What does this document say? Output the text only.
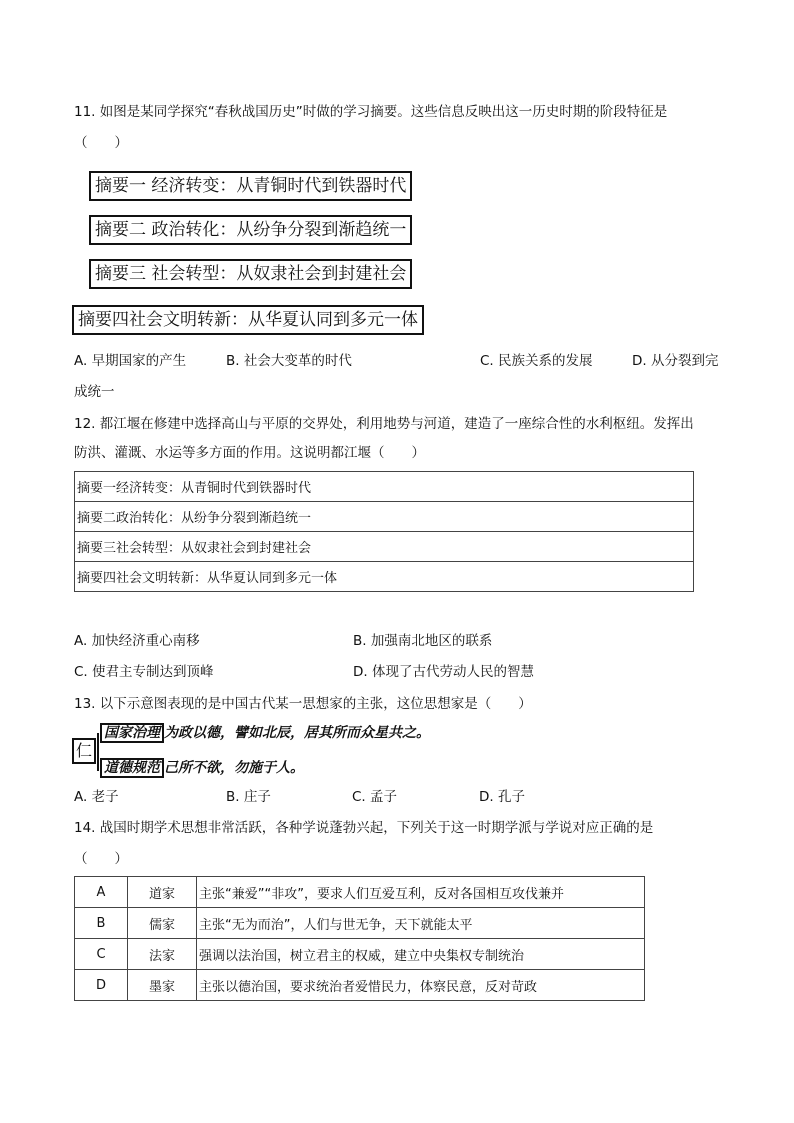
11. 如图是某同学探究“春秋战国历史”时做的学习摘要。这些信息反映出这一历史时期的阶段特征是
（　　）
摘要一 经济转变：从青铜时代到铁器时代
摘要二 政治转化：从纷争分裂到渐趋统一
摘要三 社会转型：从奴隶社会到封建社会
摘要四社会文明转新：从华夏认同到多元一体
A. 早期国家的产生	B. 社会大变革的时代	C. 民族关系的发展	D. 从分裂到完
成统一
12. 都江堰在修建中选择高山与平原的交界处，利用地势与河道，建造了一座综合性的水利枢纽。发挥出
防洪、灌溉、水运等多方面的作用。这说明都江堰（　　）
摘要一经济转变：从青铜时代到铁器时代
摘要二政治转化：从纷争分裂到渐趋统一
摘要三社会转型：从奴隶社会到封建社会
摘要四社会文明转新：从华夏认同到多元一体
A. 加快经济重心南移	B. 加强南北地区的联系
C. 使君主专制达到顶峰	D. 体现了古代劳动人民的智慧
13. 以下示意图表现的是中国古代某一思想家的主张，这位思想家是（　　）
仁
国家治理 为政以德，譬如北辰，居其所而众星共之。
道德规范 己所不欲，勿施于人。
A. 老子	B. 庄子	C. 孟子	D. 孔子
14. 战国时期学术思想非常活跃，各种学说蓬勃兴起，下列关于这一时期学派与学说对应正确的是
（　　）
A	道家	主张“兼爱”“非攻”，要求人们互爱互利，反对各国相互攻伐兼并
B	儒家	主张“无为而治”，人们与世无争，天下就能太平
C	法家	强调以法治国，树立君主的权威，建立中央集权专制统治
D	墨家	主张以德治国，要求统治者爱惜民力，体察民意，反对苛政
